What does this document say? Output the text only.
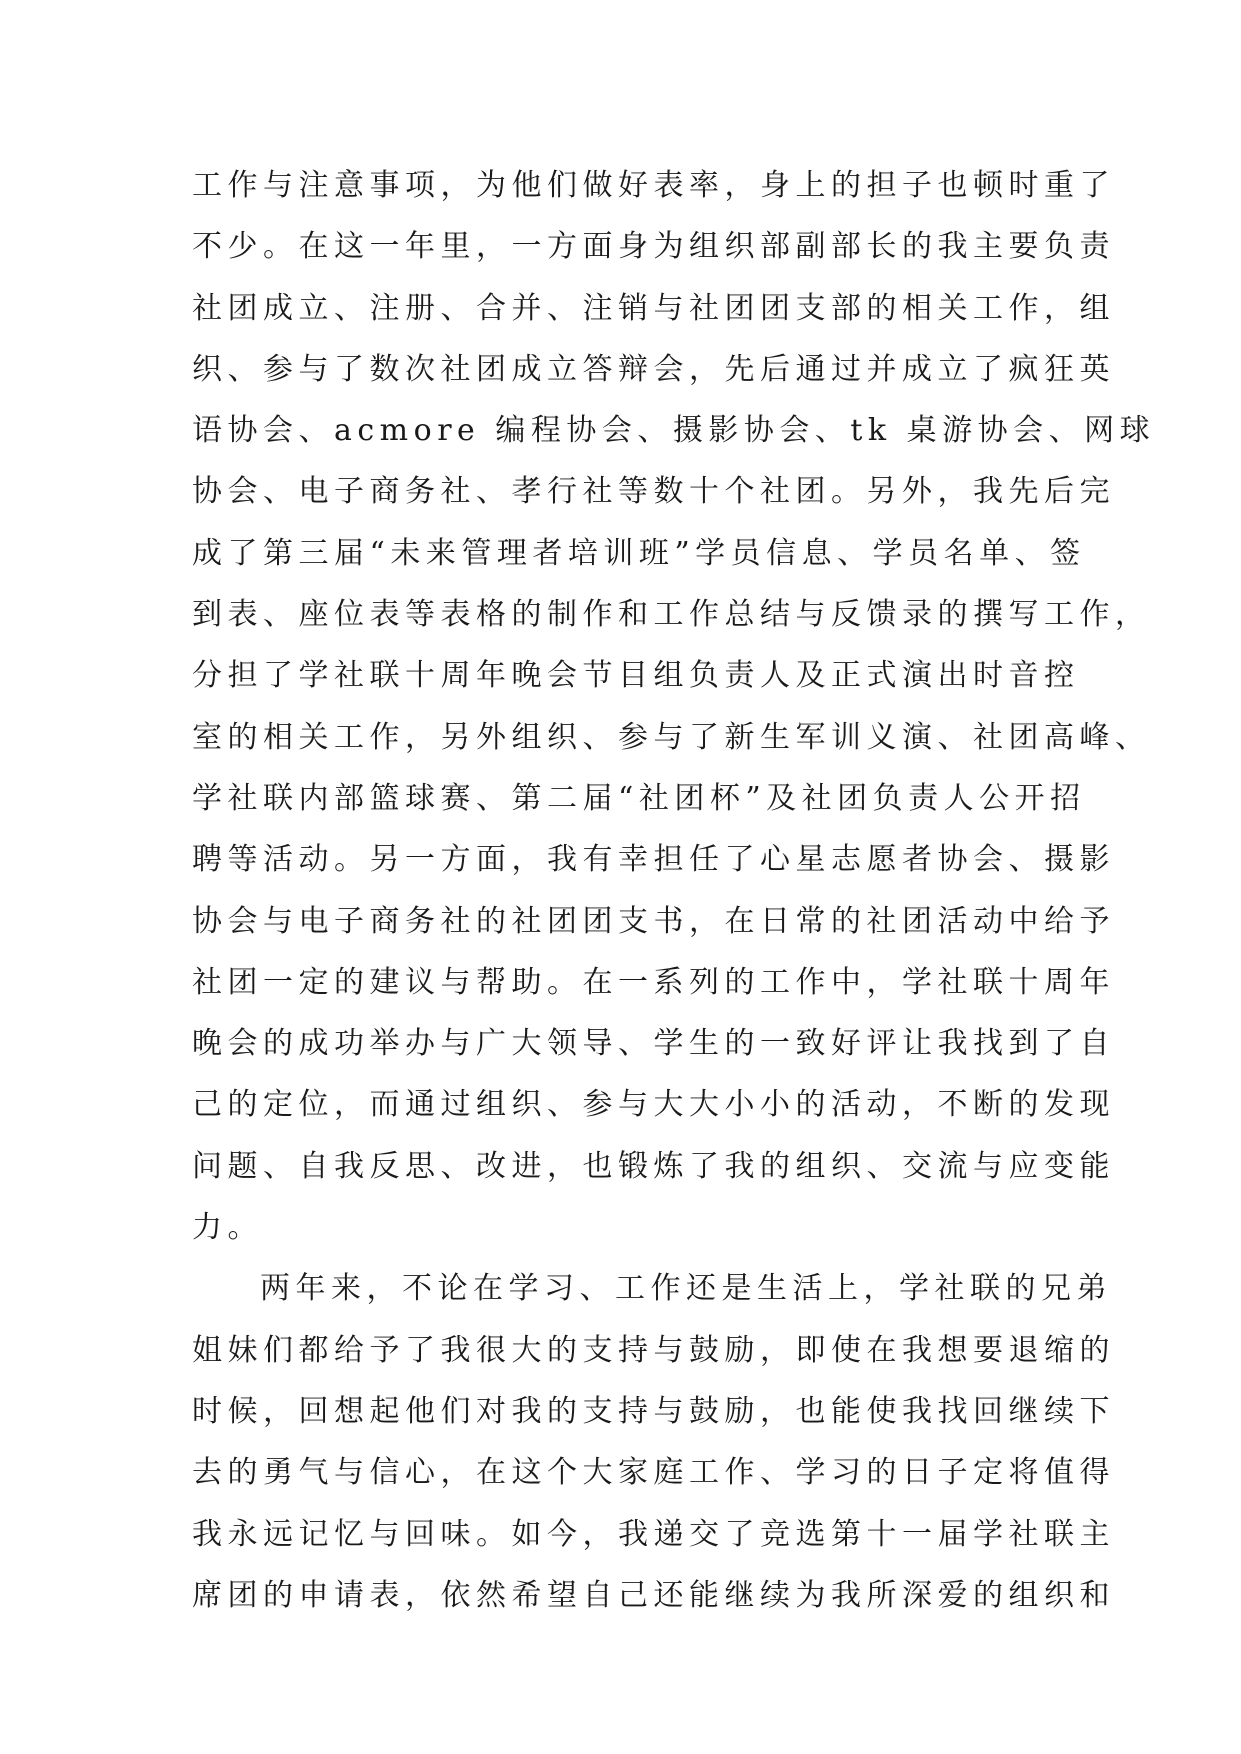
工作与注意事项，为他们做好表率，身上的担子也顿时重了
不少。在这一年里，一方面身为组织部副部长的我主要负责
社团成立、注册、合并、注销与社团团支部的相关工作，组
织、参与了数次社团成立答辩会，先后通过并成立了疯狂英
语协会、acmore 编程协会、摄影协会、tk 桌游协会、网球
协会、电子商务社、孝行社等数十个社团。另外，我先后完
成了第三届“未来管理者培训班”学员信息、学员名单、签
到表、座位表等表格的制作和工作总结与反馈录的撰写工作，
分担了学社联十周年晚会节目组负责人及正式演出时音控
室的相关工作，另外组织、参与了新生军训义演、社团高峰、
学社联内部篮球赛、第二届“社团杯”及社团负责人公开招
聘等活动。另一方面，我有幸担任了心星志愿者协会、摄影
协会与电子商务社的社团团支书，在日常的社团活动中给予
社团一定的建议与帮助。在一系列的工作中，学社联十周年
晚会的成功举办与广大领导、学生的一致好评让我找到了自
己的定位，而通过组织、参与大大小小的活动，不断的发现
问题、自我反思、改进，也锻炼了我的组织、交流与应变能
力。
两年来，不论在学习、工作还是生活上，学社联的兄弟
姐妹们都给予了我很大的支持与鼓励，即使在我想要退缩的
时候，回想起他们对我的支持与鼓励，也能使我找回继续下
去的勇气与信心，在这个大家庭工作、学习的日子定将值得
我永远记忆与回味。如今，我递交了竞选第十一届学社联主
席团的申请表，依然希望自己还能继续为我所深爱的组织和
